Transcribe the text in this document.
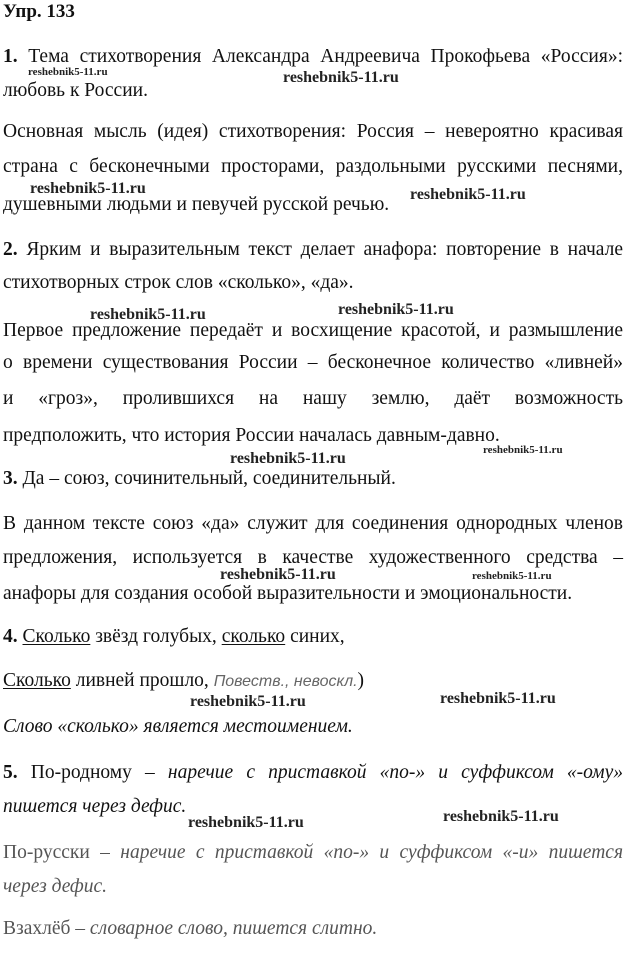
Упр. 133
1. Тема стихотворения Александра Андреевича Прокофьева «Россия»:
любовь к России.
Основная мысль (идея) стихотворения: Россия – невероятно красивая
страна с бесконечными просторами, раздольными русскими песнями,
душевными людьми и певучей русской речью.
2. Ярким и выразительным текст делает анафора: повторение в начале
стихотворных строк слов «сколько», «да».
Первое предложение передаёт и восхищение красотой, и размышление
о времени существования России – бесконечное количество «ливней»
и «гроз», пролившихся на нашу землю, даёт возможность
предположить, что история России началась давным-давно.
3. Да – союз, сочинительный, соединительный.
В данном тексте союз «да» служит для соединения однородных членов
предложения, используется в качестве художественного средства –
анафоры для создания особой выразительности и эмоциональности.
4. Сколько звёзд голубых, сколько синих,
Сколько ливней прошло, Повеств., невоскл.)
Слово «сколько» является местоимением.
5. По-родному – наречие с приставкой «по-» и суффиксом «-ому»
пишется через дефис.
По-русски – наречие с приставкой «по-» и суффиксом «-и» пишется
через дефис.
Взахлёб – словарное слово, пишется слитно.
reshebnik5-11.ru	reshebnik5-11.ru
reshebnik5-11.ru	reshebnik5-11.ru
reshebnik5-11.ru	reshebnik5-11.ru
reshebnik5-11.ru
reshebnik5-11.ru
reshebnik5-11.ru	reshebnik5-11.ru
reshebnik5-11.ru	reshebnik5-11.ru
reshebnik5-11.ru	reshebnik5-11.ru
